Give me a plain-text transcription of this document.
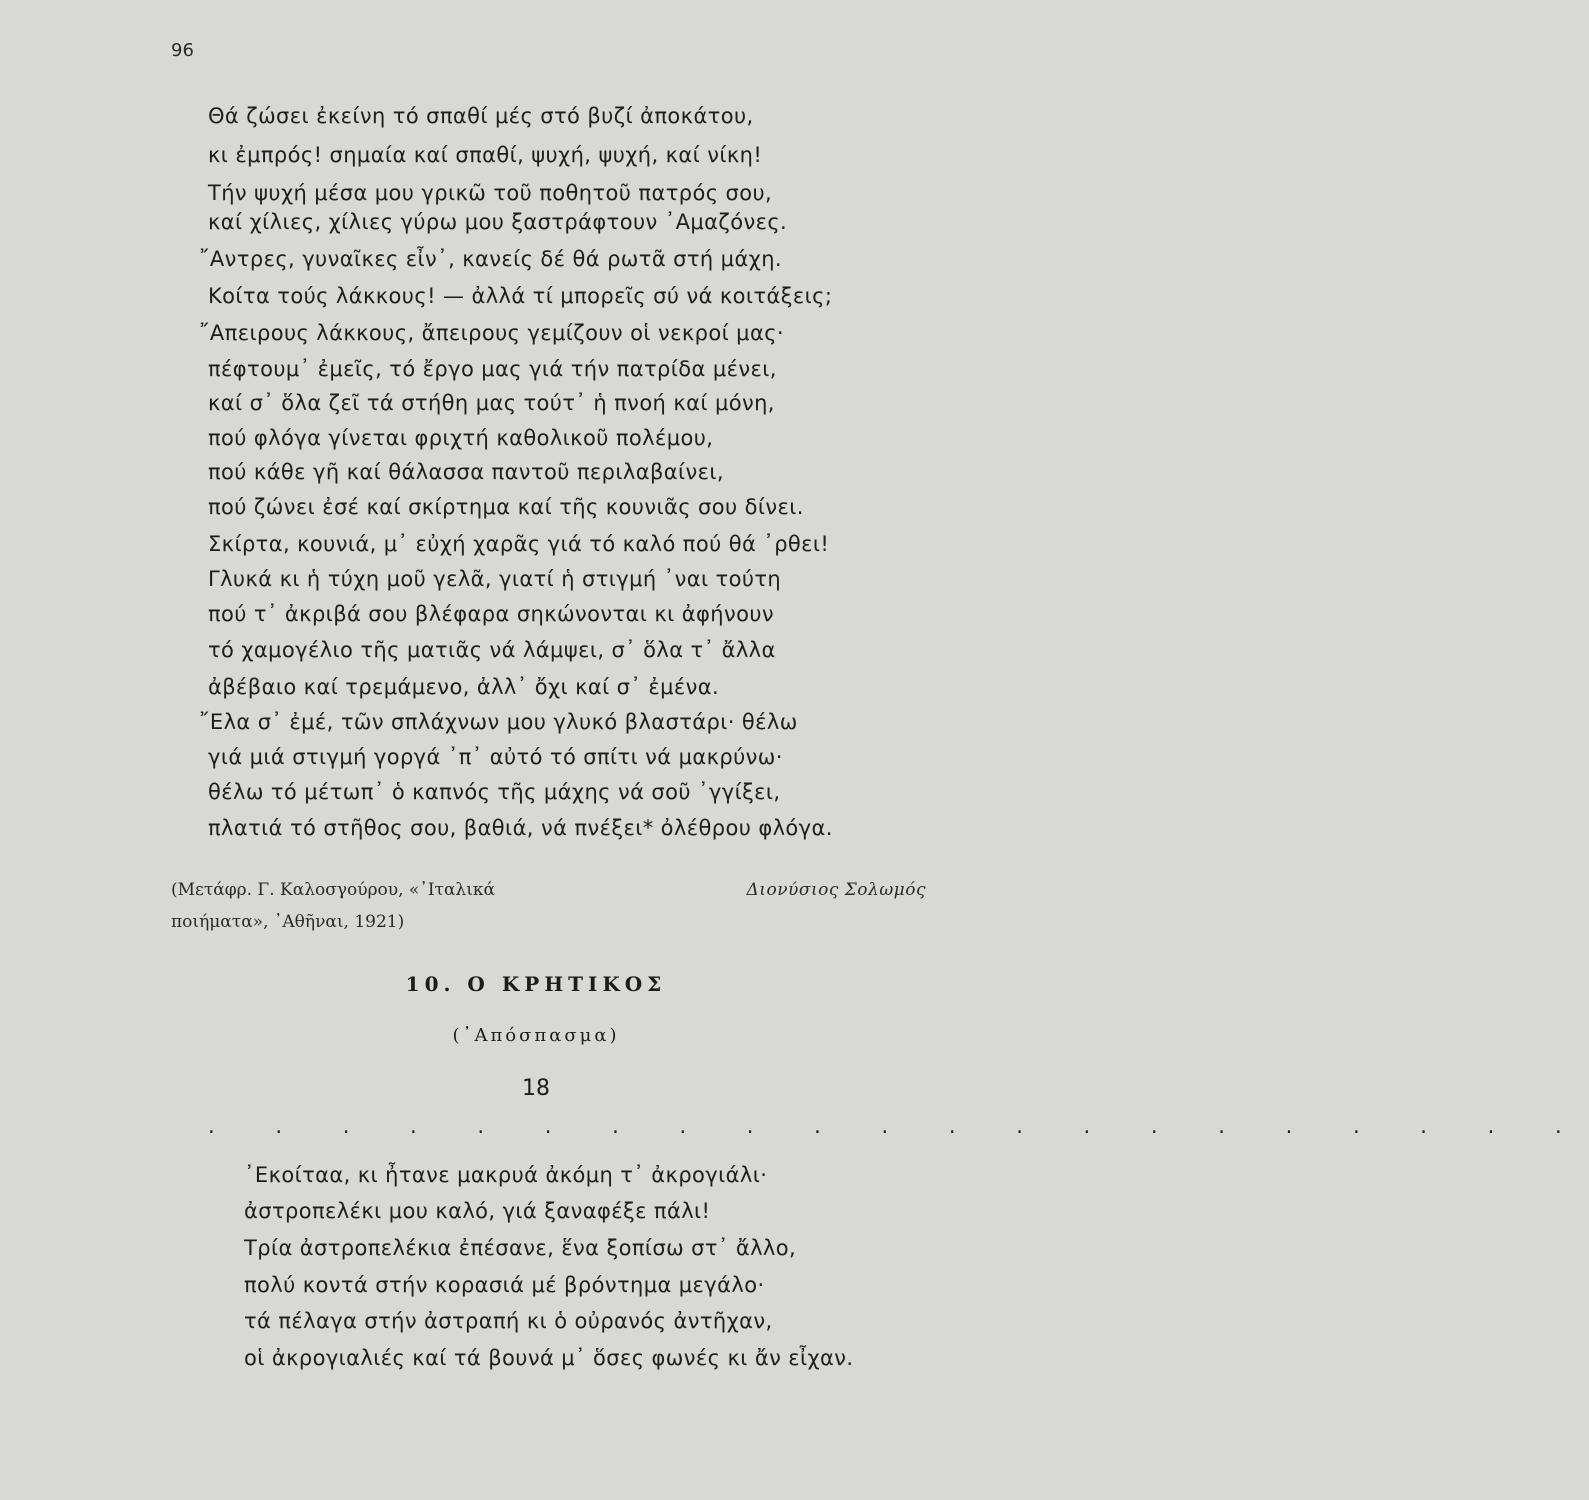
96
Θά ζώσει ἐκείνη τό σπαθί μές στό βυζί ἀποκάτου,
κι ἐμπρός! σημαία καί σπαθί, ψυχή, ψυχή, καί νίκη!
Τήν ψυχή μέσα μου γρικῶ τοῦ ποθητοῦ πατρός σου,
καί χίλιες, χίλιες γύρω μου ξαστράφτουν ᾽Αμαζόνες.
῎Αντρες, γυναῖκες εἶν᾽, κανείς δέ θά ρωτᾶ στή μάχη.
Κοίτα τούς λάκκους! — ἀλλά τί μπορεῖς σύ νά κοιτάξεις;
῎Απειρους λάκκους, ἄπειρους γεμίζουν οἱ νεκροί μας·
πέφτουμ᾽ ἐμεῖς, τό ἔργο μας γιά τήν πατρίδα μένει,
καί σ᾽ ὅλα ζεῖ τά στήθη μας τούτ᾽ ἡ πνοή καί μόνη,
πού φλόγα γίνεται φριχτή καθολικοῦ πολέμου,
πού κάθε γῆ καί θάλασσα παντοῦ περιλαβαίνει,
πού ζώνει ἐσέ καί σκίρτημα καί τῆς κουνιᾶς σου δίνει.
Σκίρτα, κουνιά, μ᾽ εὐχή χαρᾶς γιά τό καλό πού θά ᾽ρθει!
Γλυκά κι ἡ τύχη μοῦ γελᾶ, γιατί ἡ στιγμή ᾽ναι τούτη
πού τ᾽ ἀκριβά σου βλέφαρα σηκώνονται κι ἀφήνουν
τό χαμογέλιο τῆς ματιᾶς νά λάμψει, σ᾽ ὅλα τ᾽ ἄλλα
ἀβέβαιο καί τρεμάμενο, ἀλλ᾽ ὄχι καί σ᾽ ἐμένα.
῎Ελα σ᾽ ἐμέ, τῶν σπλάχνων μου γλυκό βλαστάρι· θέλω
γιά μιά στιγμή γοργά ᾽π᾽ αὐτό τό σπίτι νά μακρύνω·
θέλω τό μέτωπ᾽ ὁ καπνός τῆς μάχης νά σοῦ ᾽γγίξει,
πλατιά τό στῆθος σου, βαθιά, νά πνέξει* ὀλέθρου φλόγα.
(Μετάφρ. Γ. Καλοσγούρου, «᾽Ιταλικά
ποιήματα», ᾽Αθῆναι, 1921)
Διονύσιος Σολωμός
10. Ο ΚΡΗΤΙΚΟΣ
(᾽Απόσπασμα)
18
. . . . . . . . . . . . . . . . . . . . .
᾽Εκοίταα, κι ἦτανε μακρυά ἀκόμη τ᾽ ἀκρογιάλι·
ἀστροπελέκι μου καλό, γιά ξαναφέξε πάλι!
Τρία ἀστροπελέκια ἐπέσανε, ἕνα ξοπίσω στ᾽ ἄλλο,
πολύ κοντά στήν κορασιά μέ βρόντημα μεγάλο·
τά πέλαγα στήν ἀστραπή κι ὁ οὐρανός ἀντῆχαν,
οἱ ἀκρογιαλιές καί τά βουνά μ᾽ ὅσες φωνές κι ἄν εἶχαν.
